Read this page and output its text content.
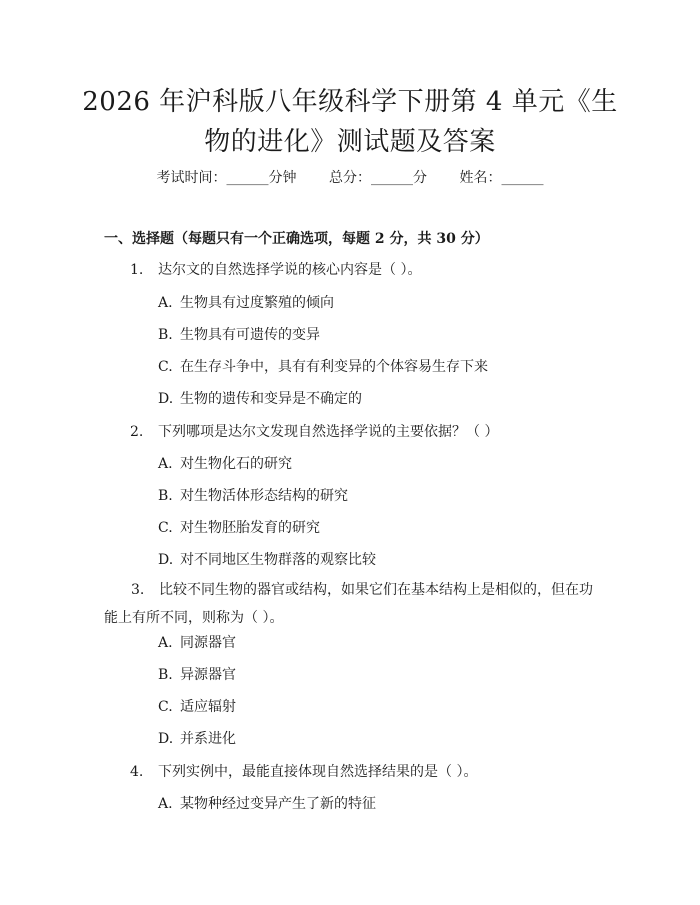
2026 年沪科版八年级科学下册第 4 单元《生
物的进化》测试题及答案
考试时间：______分钟 总分：______分 姓名：______
一、选择题（每题只有一个正确选项，每题 2 分，共 30 分）
1. 达尔文的自然选择学说的核心内容是（ ）。
A. 生物具有过度繁殖的倾向
B. 生物具有可遗传的变异
C. 在生存斗争中，具有有利变异的个体容易生存下来
D. 生物的遗传和变异是不确定的
2. 下列哪项是达尔文发现自然选择学说的主要依据？（ ）
A. 对生物化石的研究
B. 对生物活体形态结构的研究
C. 对生物胚胎发育的研究
D. 对不同地区生物群落的观察比较
3. 比较不同生物的器官或结构，如果它们在基本结构上是相似的，但在功能上有所不同，则称为（ ）。
A. 同源器官
B. 异源器官
C. 适应辐射
D. 并系进化
4. 下列实例中，最能直接体现自然选择结果的是（ ）。
A. 某物种经过变异产生了新的特征
